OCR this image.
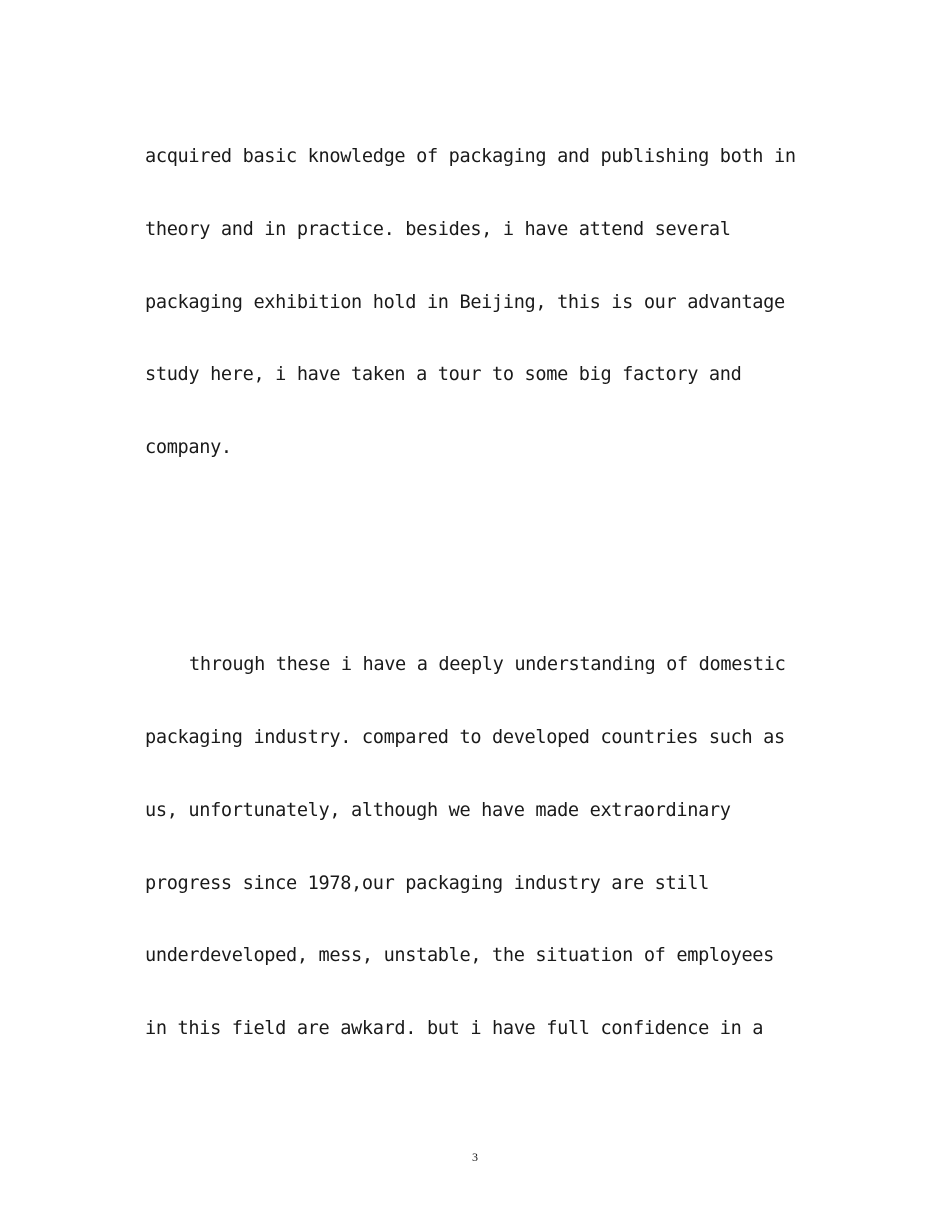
acquired basic knowledge of packaging and publishing both in
theory and in practice. besides, i have attend several
packaging exhibition hold in Beijing, this is our advantage
study here, i have taken a tour to some big factory and
company.
through these i have a deeply understanding of domestic
packaging industry. compared to developed countries such as
us, unfortunately, although we have made extraordinary
progress since 1978,our packaging industry are still
underdeveloped, mess, unstable, the situation of employees
in this field are awkard. but i have full confidence in a
3
